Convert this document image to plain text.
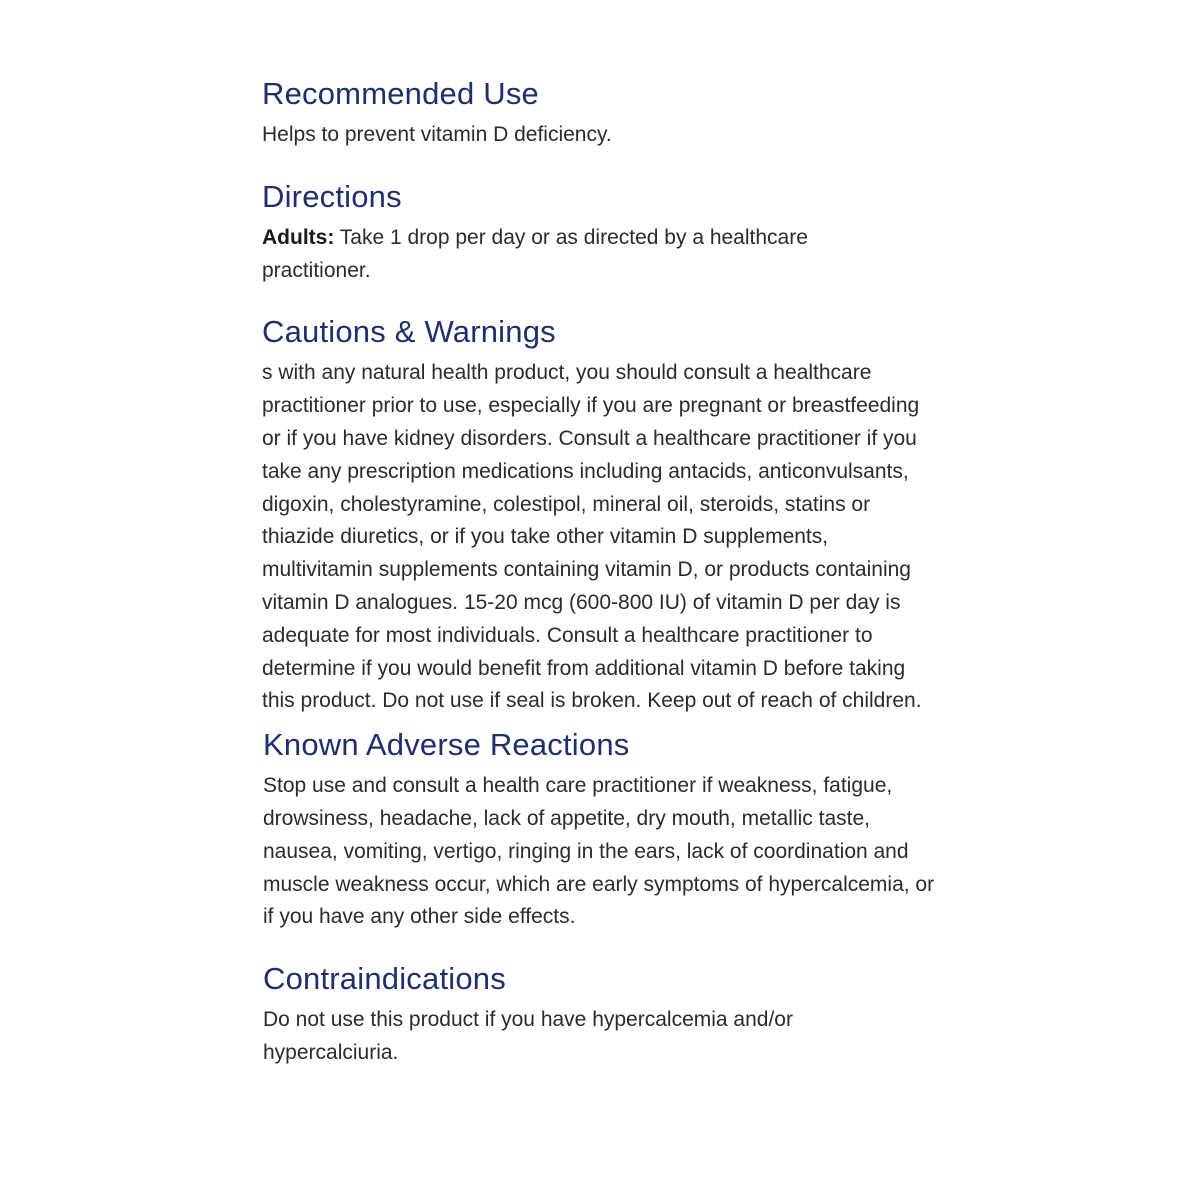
Recommended Use

Helps to prevent vitamin D deficiency.

Directions

Adults: Take 1 drop per day or as directed by a healthcare practitioner.

Cautions & Warnings

s with any natural health product, you should consult a healthcare practitioner prior to use, especially if you are pregnant or breastfeeding or if you have kidney disorders. Consult a healthcare practitioner if you take any prescription medications including antacids, anticonvulsants, digoxin, cholestyramine, colestipol, mineral oil, steroids, statins or thiazide diuretics, or if you take other vitamin D supplements, multivitamin supplements containing vitamin D, or products containing vitamin D analogues. 15-20 mcg (600-800 IU) of vitamin D per day is adequate for most individuals. Consult a healthcare practitioner to determine if you would benefit from additional vitamin D before taking this product. Do not use if seal is broken. Keep out of reach of children.

Known Adverse Reactions

Stop use and consult a health care practitioner if weakness, fatigue, drowsiness, headache, lack of appetite, dry mouth, metallic taste, nausea, vomiting, vertigo, ringing in the ears, lack of coordination and muscle weakness occur, which are early symptoms of hypercalcemia, or if you have any other side effects.

Contraindications

Do not use this product if you have hypercalcemia and/or hypercalciuria.
